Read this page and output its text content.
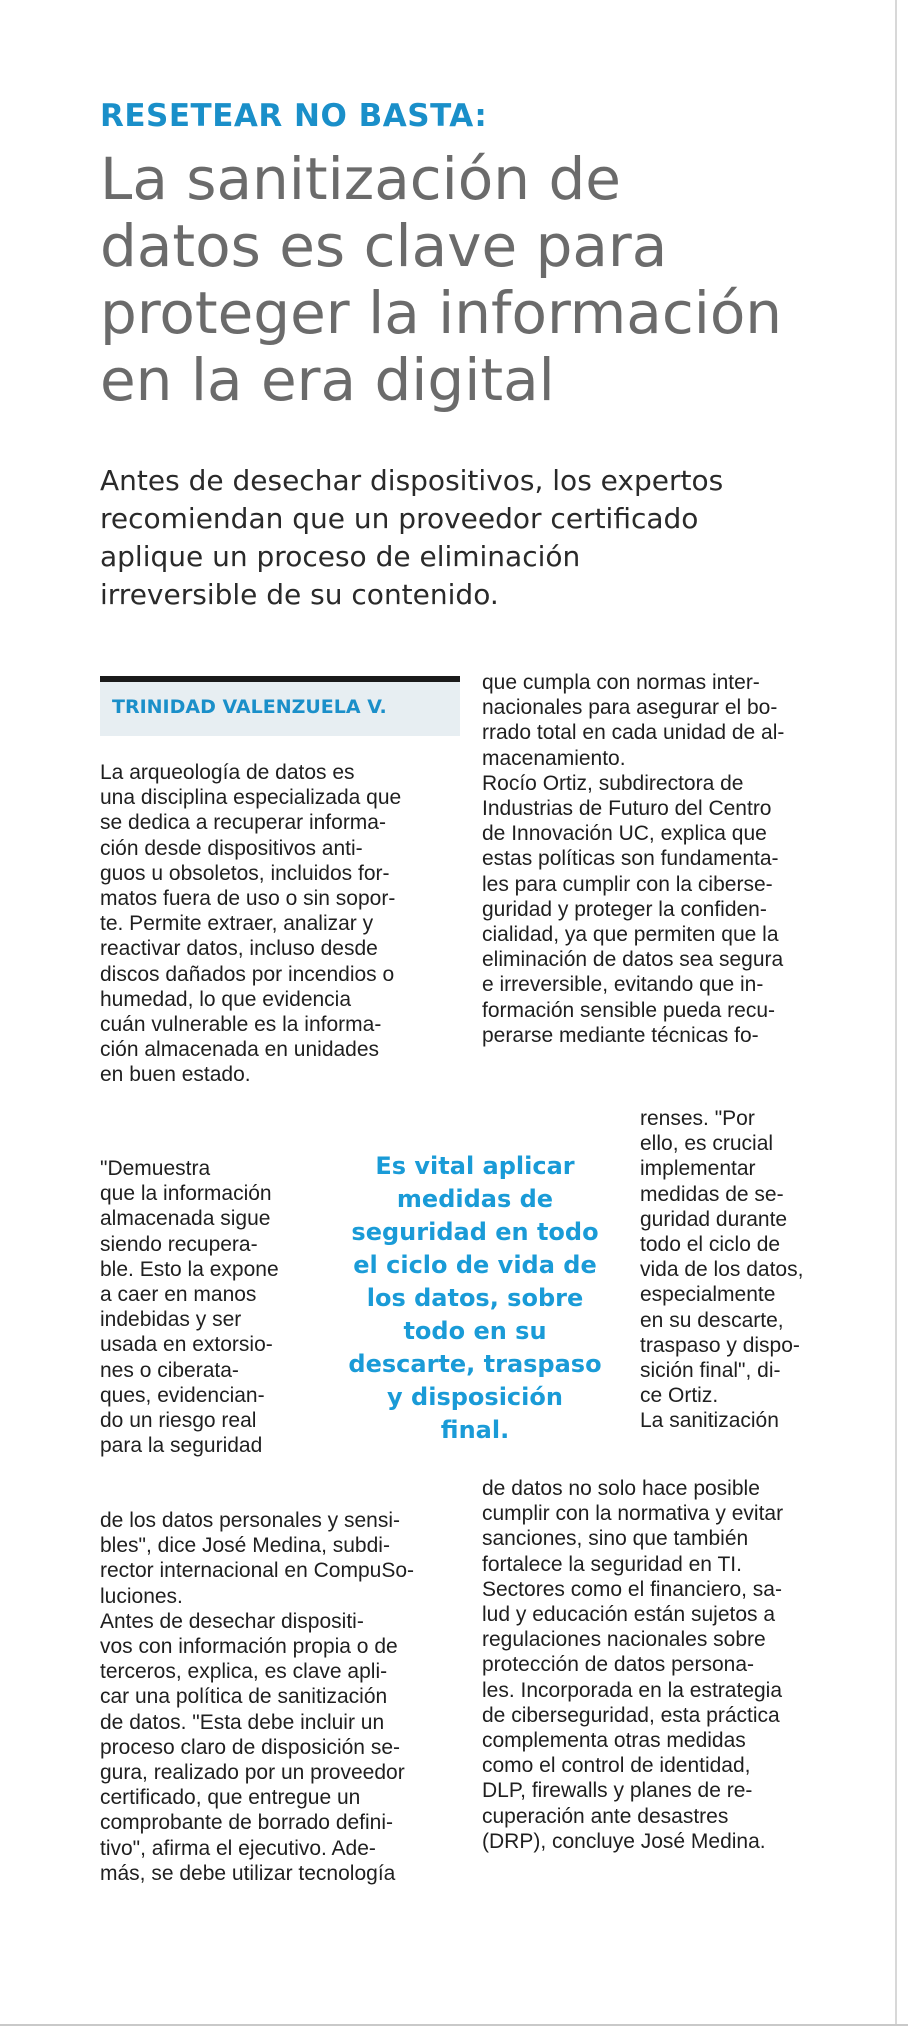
RESETEAR NO BASTA:
La sanitización de
datos es clave para
proteger la información
en la era digital
Antes de desechar dispositivos, los expertos
recomiendan que un proveedor certificado
aplique un proceso de eliminación
irreversible de su contenido.
TRINIDAD VALENZUELA V.
La arqueología de datos es
una disciplina especializada que
se dedica a recuperar informa-
ción desde dispositivos anti-
guos u obsoletos, incluidos for-
matos fuera de uso o sin sopor-
te. Permite extraer, analizar y
reactivar datos, incluso desde
discos dañados por incendios o
humedad, lo que evidencia
cuán vulnerable es la informa-
ción almacenada en unidades
en buen estado.
"Demuestra
que la información
almacenada sigue
siendo recupera-
ble. Esto la expone
a caer en manos
indebidas y ser
usada en extorsio-
nes o ciberata-
ques, evidencian-
do un riesgo real
para la seguridad
de los datos personales y sensi-
bles", dice José Medina, subdi-
rector internacional en CompuSo-
luciones.
Antes de desechar dispositi-
vos con información propia o de
terceros, explica, es clave apli-
car una política de sanitización
de datos. "Esta debe incluir un
proceso claro de disposición se-
gura, realizado por un proveedor
certificado, que entregue un
comprobante de borrado defini-
tivo", afirma el ejecutivo. Ade-
más, se debe utilizar tecnología
que cumpla con normas inter-
nacionales para asegurar el bo-
rrado total en cada unidad de al-
macenamiento.
Rocío Ortiz, subdirectora de
Industrias de Futuro del Centro
de Innovación UC, explica que
estas políticas son fundamenta-
les para cumplir con la ciberse-
guridad y proteger la confiden-
cialidad, ya que permiten que la
eliminación de datos sea segura
e irreversible, evitando que in-
formación sensible pueda recu-
perarse mediante técnicas fo-
renses. "Por
ello, es crucial
implementar
medidas de se-
guridad durante
todo el ciclo de
vida de los datos,
especialmente
en su descarte,
traspaso y dispo-
sición final", di-
ce Ortiz.
La sanitización
de datos no solo hace posible
cumplir con la normativa y evitar
sanciones, sino que también
fortalece la seguridad en TI.
Sectores como el financiero, sa-
lud y educación están sujetos a
regulaciones nacionales sobre
protección de datos persona-
les. Incorporada en la estrategia
de ciberseguridad, esta práctica
complementa otras medidas
como el control de identidad,
DLP, firewalls y planes de re-
cuperación ante desastres
(DRP), concluye José Medina.
Es vital aplicar
medidas de
seguridad en todo
el ciclo de vida de
los datos, sobre
todo en su
descarte, traspaso
y disposición
final.
